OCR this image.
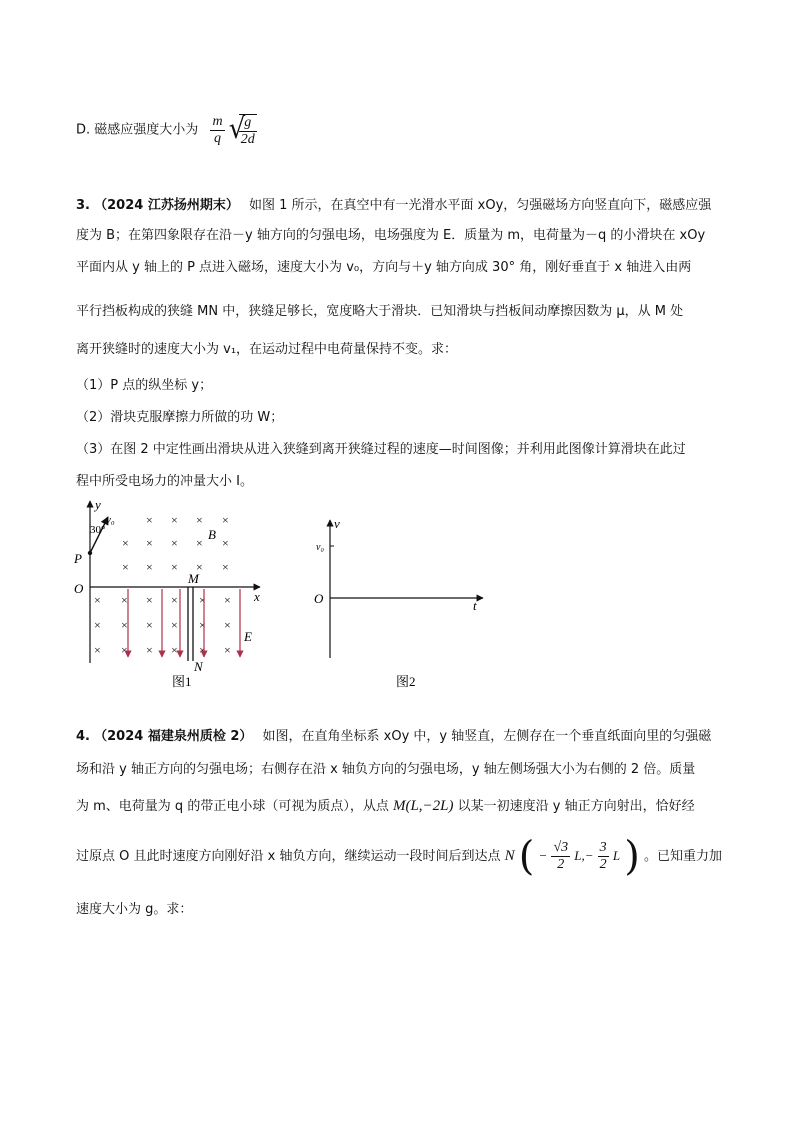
D. 磁感应强度大小为 $\frac{m}{q}$
√
$\frac{g}{2d}$
3. （2024 江苏扬州期末） 如图 1 所示，在真空中有一光滑水平面 xOy，匀强磁场方向竖直向下，磁感应强
度为 B；在第四象限存在沿－y 轴方向的匀强电场，电场强度为 E．质量为 m，电荷量为－q 的小滑块在 xOy
平面内从 y 轴上的 P 点进入磁场，速度大小为 v₀，方向与＋y 轴方向成 30° 角，刚好垂直于 x 轴进入由两
平行挡板构成的狭缝 MN 中，狭缝足够长，宽度略大于滑块．已知滑块与挡板间动摩擦因数为 μ，从 M 处
离开狭缝时的速度大小为 v₁，在运动过程中电荷量保持不变。求：
（1）P 点的纵坐标 y；
（2）滑块克服摩擦力所做的功 W；
（3）在图 2 中定性画出滑块从进入狭缝到离开狭缝过程的速度—时间图像；并利用此图像计算滑块在此过
程中所受电场力的冲量大小 I。
y
x
O
P
v₀
30°	B
M
N
E
× × × ×
× × × × ×
× × × × ×
× × × × × ×
× × × × × ×
× × × × × ×
图1
v
t
O
v₀
图2
4. （2024 福建泉州质检 2） 如图，在直角坐标系 xOy 中，y 轴竖直，左侧存在一个垂直纸面向里的匀强磁
场和沿 y 轴正方向的匀强电场；右侧存在沿 x 轴负方向的匀强电场，y 轴左侧场强大小为右侧的 2 倍。质量
为 m、电荷量为 q 的带正电小球（可视为质点），从点 M(L,−2L) 以某一初速度沿 y 轴正方向射出，恰好经
过原点 O 且此时速度方向刚好沿 x 轴负方向，继续运动一段时间后到达点 N ( − $\frac{√3}{2} L,- \frac{3}{2}$ L ) 。已知重力加
速度大小为 g。求：
